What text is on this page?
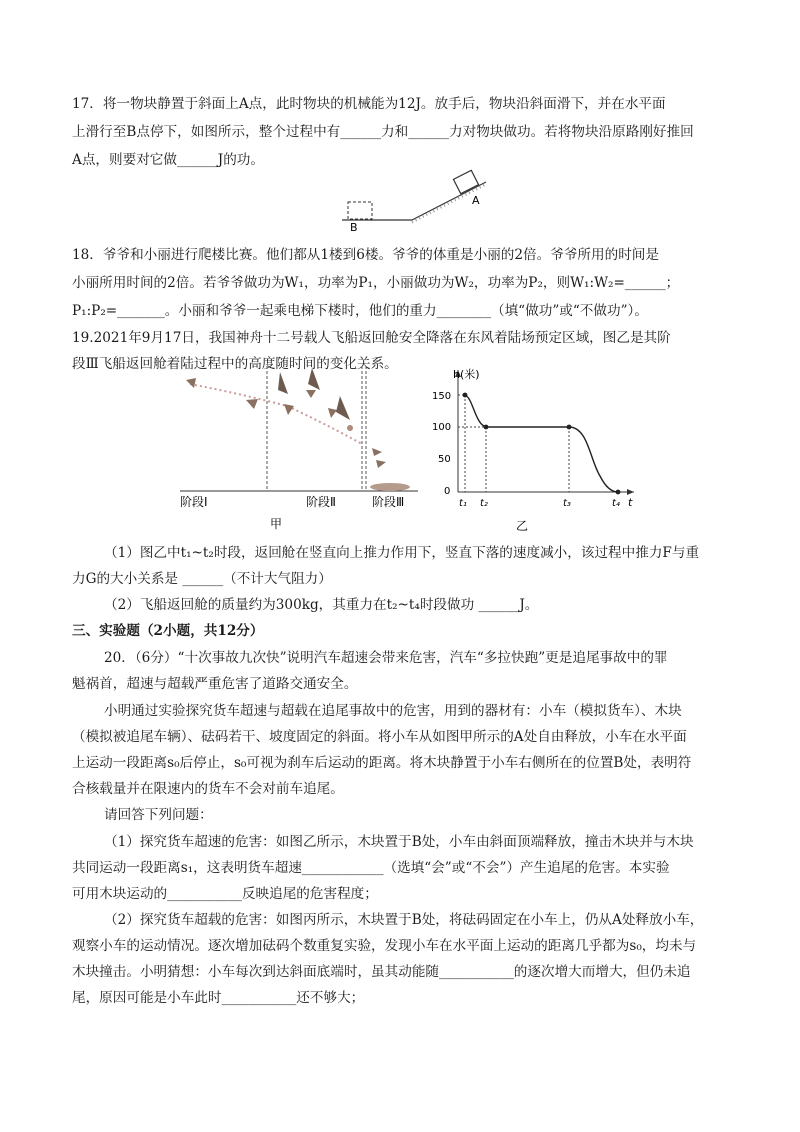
17．将一物块静置于斜面上A点，此时物块的机械能为12J。放手后，物块沿斜面滑下，并在水平面
上滑行至B点停下，如图所示，整个过程中有______力和______力对物块做功。若将物块沿原路刚好推回
A点，则要对它做______J的功。
B
A
18．爷爷和小丽进行爬楼比赛。他们都从1楼到6楼。爷爷的体重是小丽的2倍。爷爷所用的时间是
小丽所用时间的2倍。若爷爷做功为W₁，功率为P₁，小丽做功为W₂，功率为P₂，则W₁:W₂=______；
P₁:P₂=_______。小丽和爷爷一起乘电梯下楼时，他们的重力________（填“做功”或“不做功”）。
19.2021年9月17日，我国神舟十二号载人飞船返回舱安全降落在东风着陆场预定区域，图乙是其阶
段Ⅲ飞船返回舱着陆过程中的高度随时间的变化关系。
阶段Ⅰ	阶段Ⅱ	阶段Ⅲ
甲
h(米)
t
150
100
50
0
t₁ t₂	t₃	t₄
乙
（1）图乙中t₁~t₂时段，返回舱在竖直向上推力作用下，竖直下落的速度减小，该过程中推力F与重
力G的大小关系是 ______（不计大气阻力）
（2）飞船返回舱的质量约为300kg，其重力在t₂~t₄时段做功 ______J。
三、实验题（2小题，共12分）
20．（6分）“十次事故九次快”说明汽车超速会带来危害，汽车“多拉快跑”更是追尾事故中的罪
魁祸首，超速与超载严重危害了道路交通安全。
小明通过实验探究货车超速与超载在追尾事故中的危害，用到的器材有：小车（模拟货车）、木块
（模拟被追尾车辆）、砝码若干、坡度固定的斜面。将小车从如图甲所示的A处自由释放，小车在水平面
上运动一段距离s₀后停止，s₀可视为刹车后运动的距离。将木块静置于小车右侧所在的位置B处，表明符
合核载量并在限速内的货车不会对前车追尾。
请回答下列问题：
（1）探究货车超速的危害：如图乙所示，木块置于B处，小车由斜面顶端释放，撞击木块并与木块
共同运动一段距离s₁，这表明货车超速____________（选填“会”或“不会”）产生追尾的危害。本实验
可用木块运动的___________反映追尾的危害程度；
（2）探究货车超载的危害：如图丙所示，木块置于B处，将砝码固定在小车上，仍从A处释放小车，
观察小车的运动情况。逐次增加砝码个数重复实验，发现小车在水平面上运动的距离几乎都为s₀，均未与
木块撞击。小明猜想：小车每次到达斜面底端时，虽其动能随___________的逐次增大而增大，但仍未追
尾，原因可能是小车此时___________还不够大；
